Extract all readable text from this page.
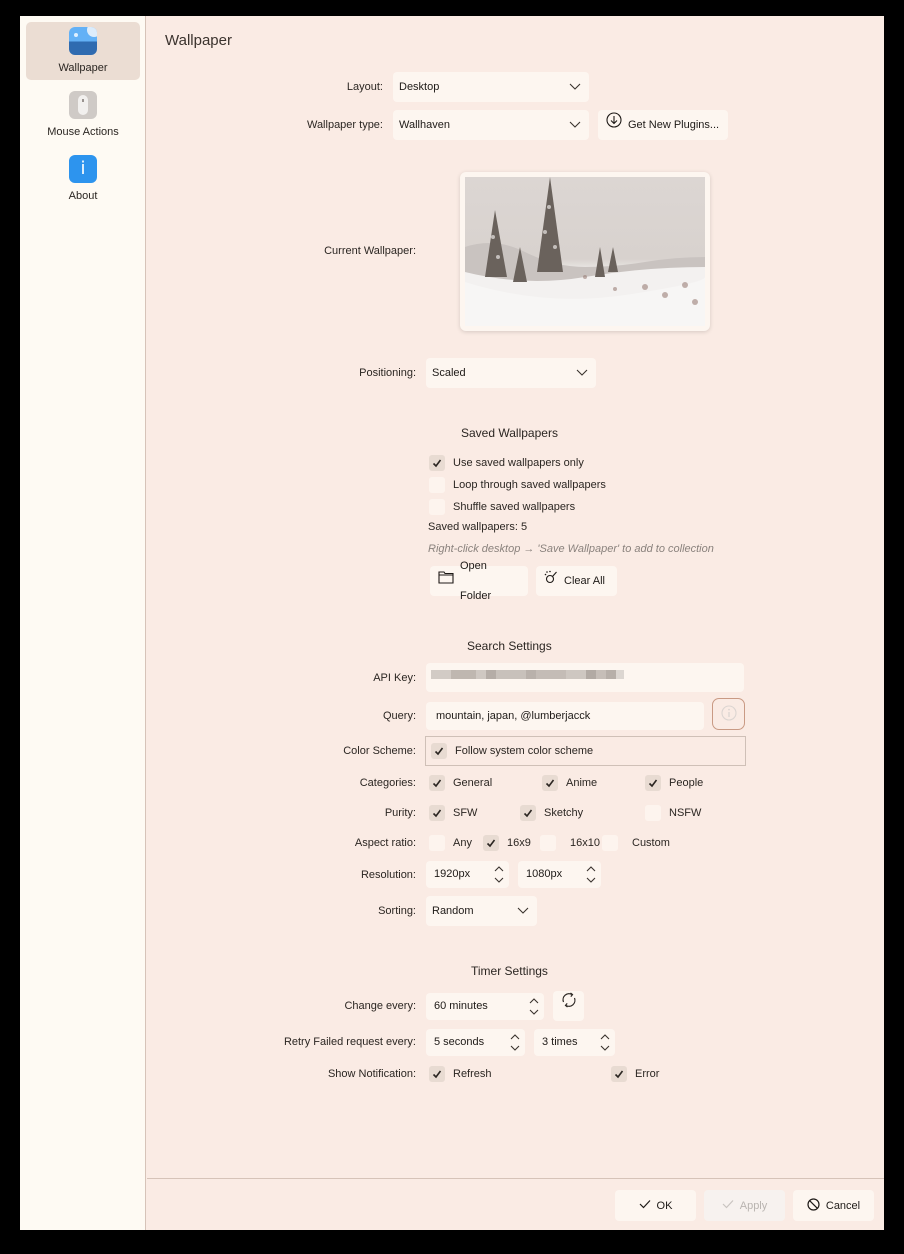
Wallpaper
Mouse Actions
i
About
Wallpaper
Layout:	Desktop
Wallpaper type:	Wallhaven	Get New Plugins...
Current Wallpaper:
Positioning:	Scaled
Saved Wallpapers
Use saved wallpapers only
Loop through saved wallpapers
Shuffle saved wallpapers
Saved wallpapers: 5
Right-click desktop → 'Save Wallpaper' to add to collection
Open Folder
Clear All
Search Settings
API Key:
Query:	mountain, japan, @lumberjacck
Color Scheme:	Follow system color scheme
Categories:	General	Anime	People
Purity:	SFW	Sketchy	NSFW
Aspect ratio:	Any	16x9	16x10	Custom
Resolution:	1920px	1080px
Sorting:	Random
Timer Settings
Change every:	60 minutes
Retry Failed request every:	5 seconds	3 times
Show Notification:	Refresh	Error
OK	Apply	Cancel
